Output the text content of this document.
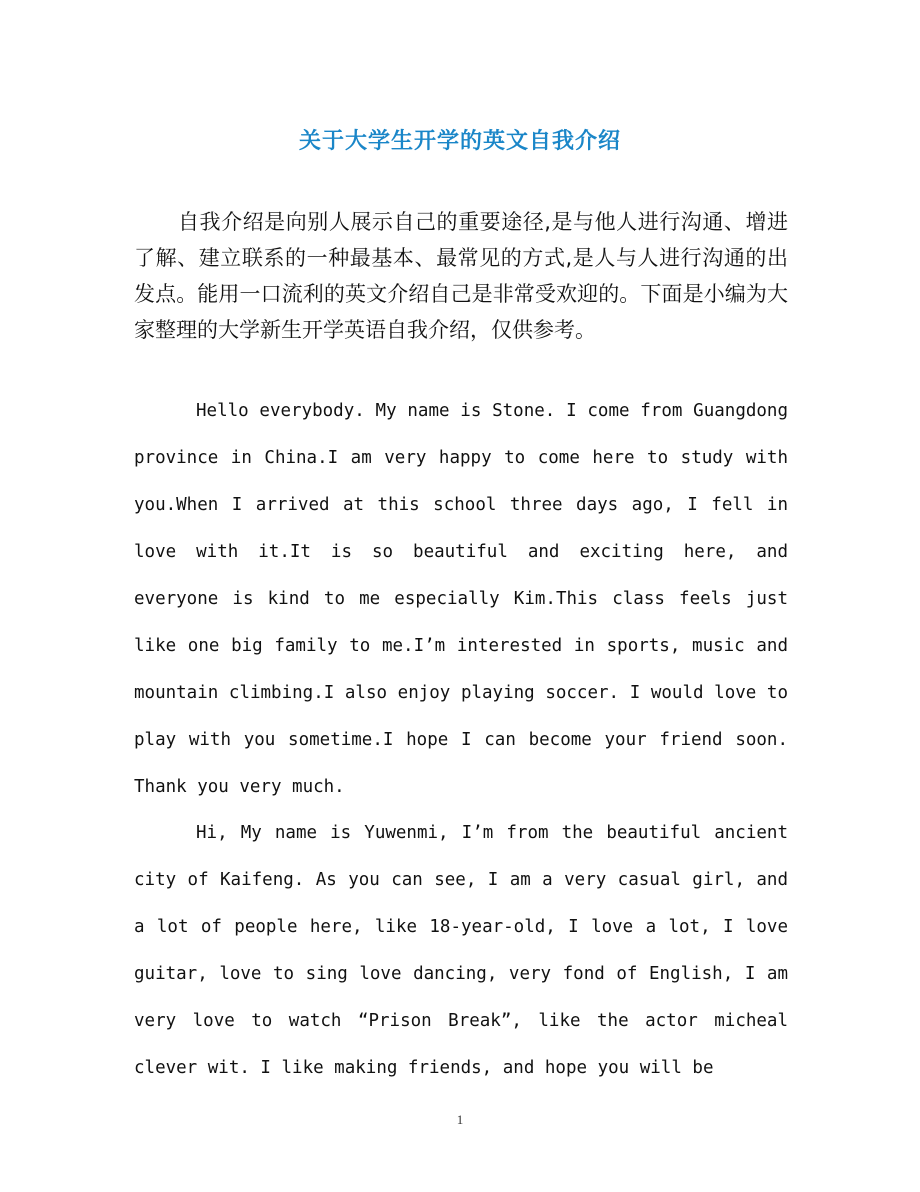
关于大学生开学的英文自我介绍

自我介绍是向别人展示自己的重要途径,是与他人进行沟通、增进了解、建立联系的一种最基本、最常见的方式,是人与人进行沟通的出发点。能用一口流利的英文介绍自己是非常受欢迎的。下面是小编为大家整理的大学新生开学英语自我介绍，仅供参考。

Hello everybody. My name is Stone. I come from Guangdong province in China.I am very happy to come here to study with you.When I arrived at this school three days ago, I fell in love with it.It is so beautiful and exciting here, and everyone is kind to me especially Kim.This class feels just like one big family to me.I’m interested in sports, music and mountain climbing.I also enjoy playing soccer. I would love to play with you sometime.I hope I can become your friend soon. Thank you very much.

Hi, My name is Yuwenmi, I’m from the beautiful ancient city of Kaifeng. As you can see, I am a very casual girl, and a lot of people here, like 18-year-old, I love a lot, I love guitar, love to sing love dancing, very fond of English, I am very love to watch “Prison Break”, like the actor micheal clever wit. I like making friends, and hope you will be

1
